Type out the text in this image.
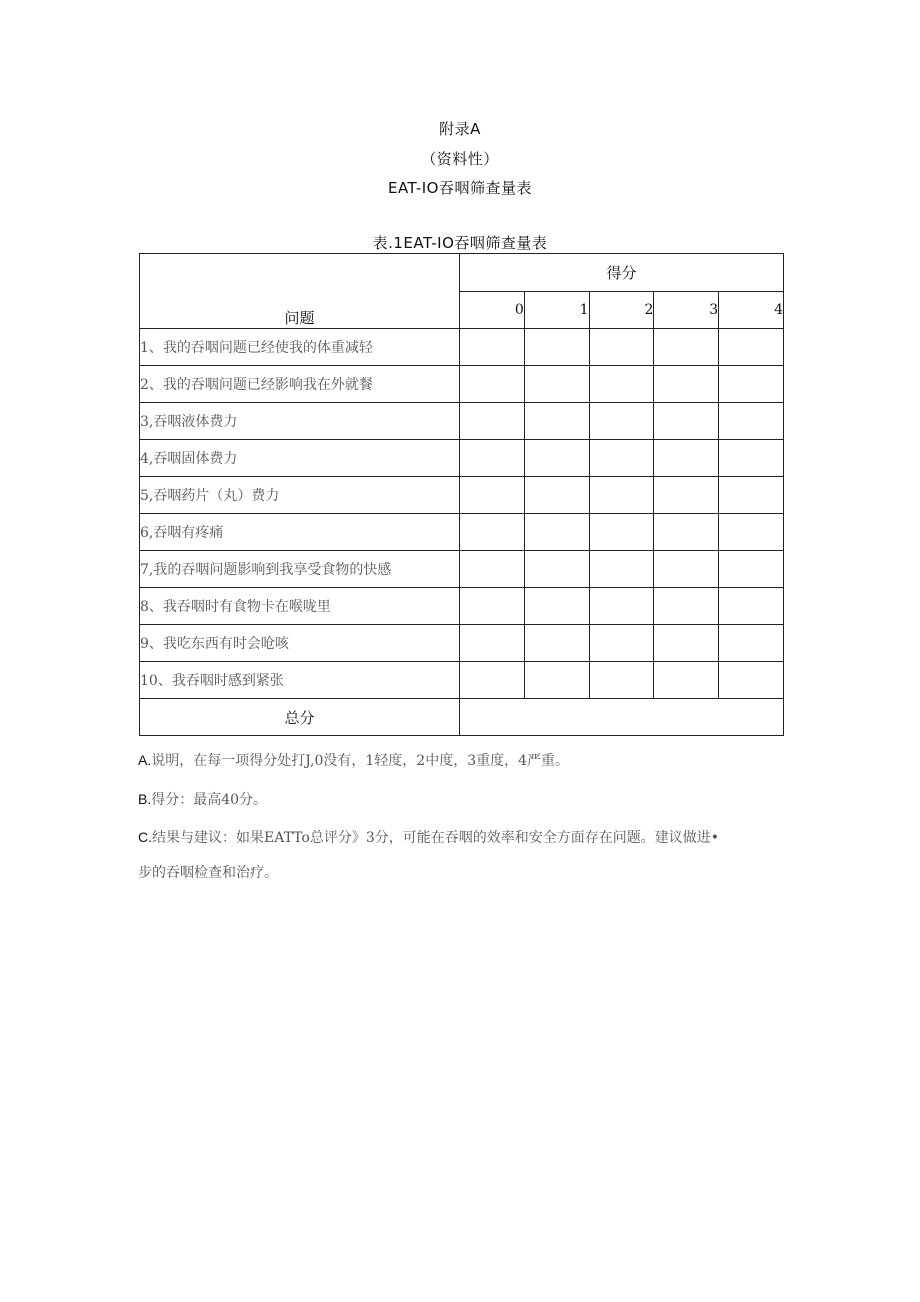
附录A
（资料性）
EAT-IO吞咽筛查量表
表.1EAT-IO吞咽筛查量表
问题	得分				
	0	1	2	3	4
1、我的吞咽问题已经使我的体重减轻					
2、我的吞咽问题已经影响我在外就餐					
3,吞咽液体费力					
4,吞咽固体费力					
5,吞咽药片（丸）费力					
6,吞咽有疼痛					
7,我的吞咽问题影响到我享受食物的快感					
8、我吞咽时有食物卡在喉咙里					
9、我吃东西有时会呛咳					
10、我吞咽时感到紧张					
总分					
A.说明，在每一项得分处打J,0没有，1轻度，2中度，3重度，4严重。
B.得分：最高40分。
C.结果与建议：如果EATTo总评分》3分，可能在吞咽的效率和安全方面存在问题。建议做进•
步的吞咽检查和治疗。
